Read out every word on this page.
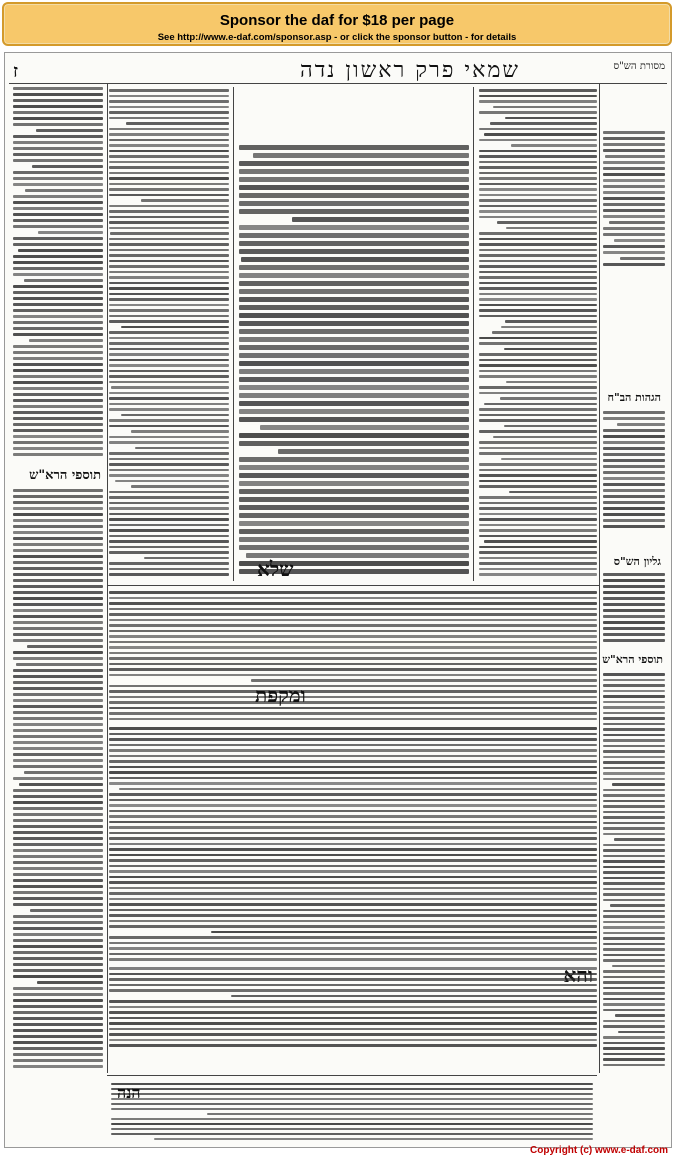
Sponsor the daf for $18 per page
See http://www.e-daf.com/sponsor.asp - or click the sponsor button - for details
ז	שמאי פרק ראשון נדה	מסורת הש"ס
תוספי הרא"ש
שלא
ומקפת
הגהות הב"ח
גליון הש"ס
תוספי הרא"ש
הנה
Copyright (c) www.e-daf.com
